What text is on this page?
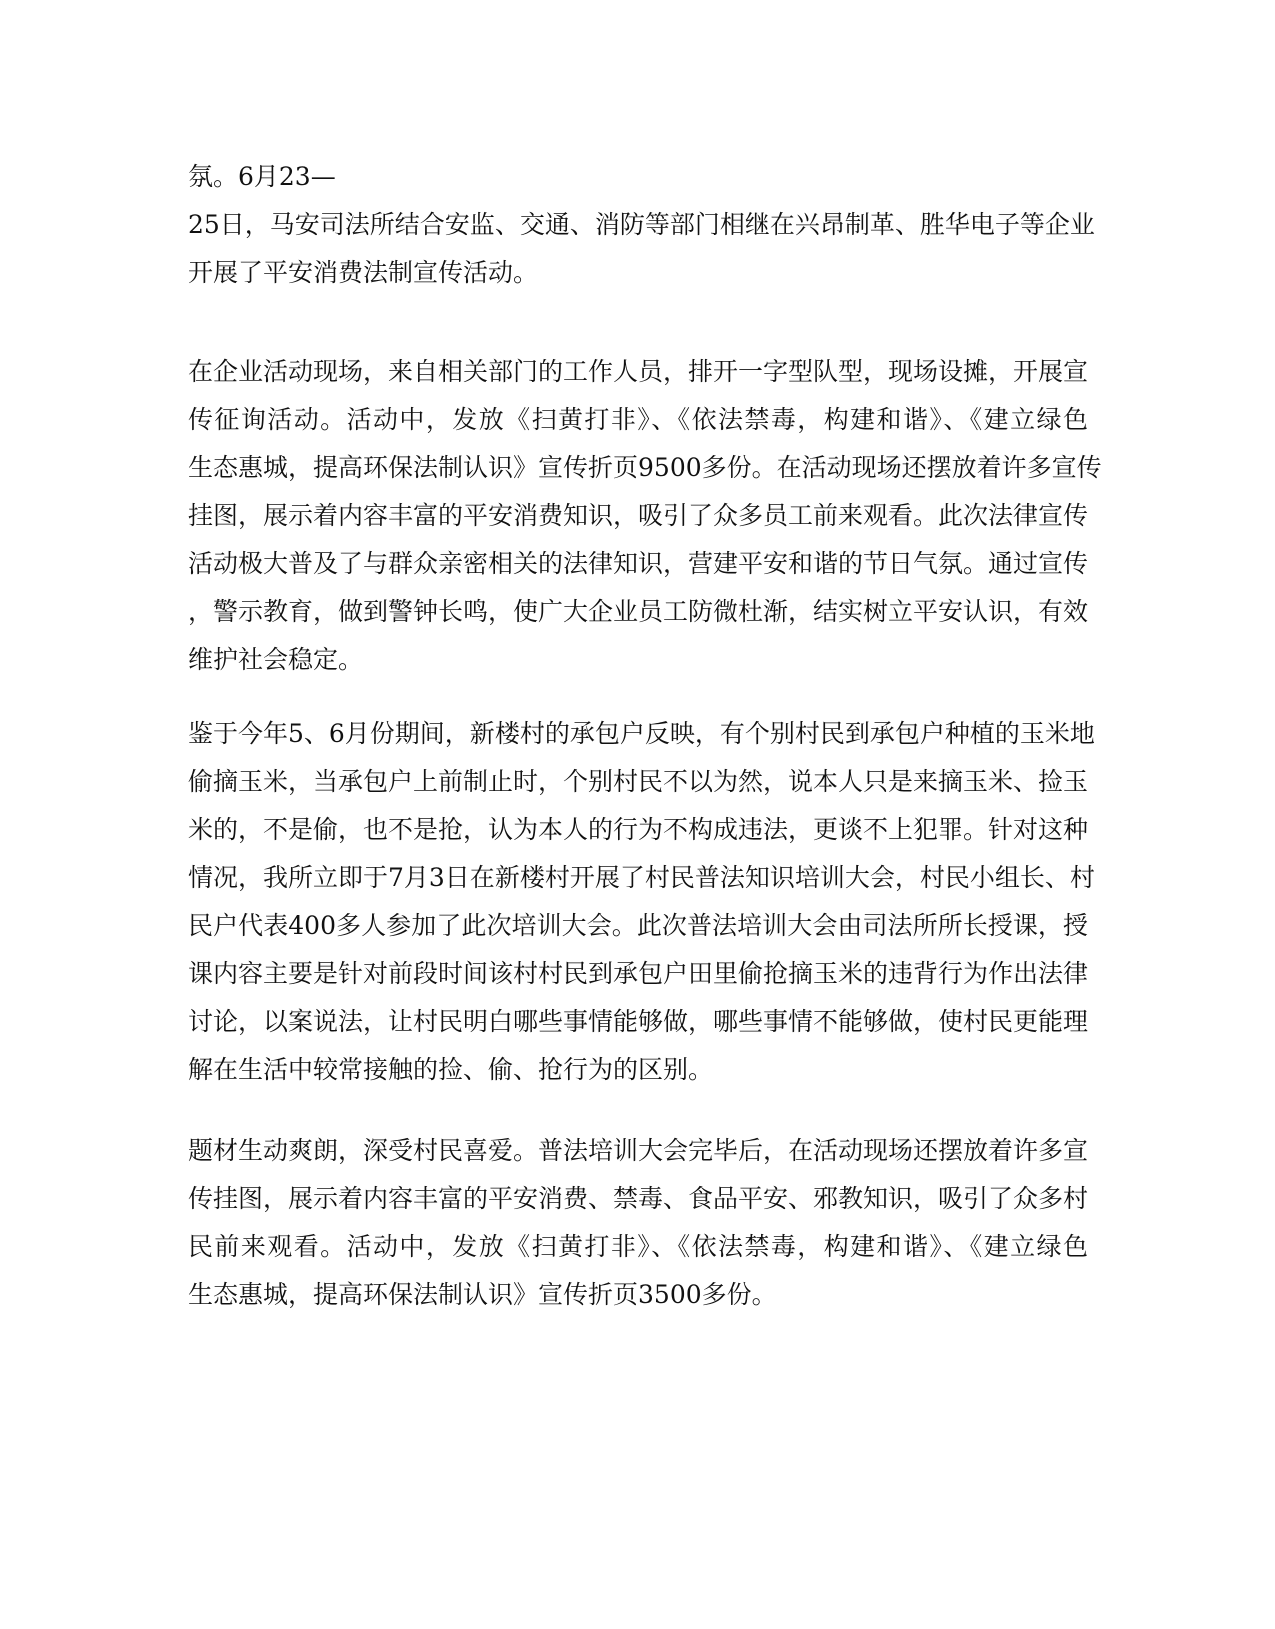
氛。6月23—
25日，马安司法所结合安监、交通、消防等部门相继在兴昂制革、胜华电子等企业
开展了平安消费法制宣传活动。
在企业活动现场，来自相关部门的工作人员，排开一字型队型，现场设摊，开展宣
传征询活动。活动中，发放《扫黄打非》、《依法禁毒，构建和谐》、《建立绿色
生态惠城，提高环保法制认识》宣传折页9500多份。在活动现场还摆放着许多宣传
挂图，展示着内容丰富的平安消费知识，吸引了众多员工前来观看。此次法律宣传
活动极大普及了与群众亲密相关的法律知识，营建平安和谐的节日气氛。通过宣传
，警示教育，做到警钟长鸣，使广大企业员工防微杜渐，结实树立平安认识，有效
维护社会稳定。
鉴于今年5、6月份期间，新楼村的承包户反映，有个别村民到承包户种植的玉米地
偷摘玉米，当承包户上前制止时，个别村民不以为然，说本人只是来摘玉米、捡玉
米的，不是偷，也不是抢，认为本人的行为不构成违法，更谈不上犯罪。针对这种
情况，我所立即于7月3日在新楼村开展了村民普法知识培训大会，村民小组长、村
民户代表400多人参加了此次培训大会。此次普法培训大会由司法所所长授课，授
课内容主要是针对前段时间该村村民到承包户田里偷抢摘玉米的违背行为作出法律
讨论，以案说法，让村民明白哪些事情能够做，哪些事情不能够做，使村民更能理
解在生活中较常接触的捡、偷、抢行为的区别。
题材生动爽朗，深受村民喜爱。普法培训大会完毕后，在活动现场还摆放着许多宣
传挂图，展示着内容丰富的平安消费、禁毒、食品平安、邪教知识，吸引了众多村
民前来观看。活动中，发放《扫黄打非》、《依法禁毒，构建和谐》、《建立绿色
生态惠城，提高环保法制认识》宣传折页3500多份。
